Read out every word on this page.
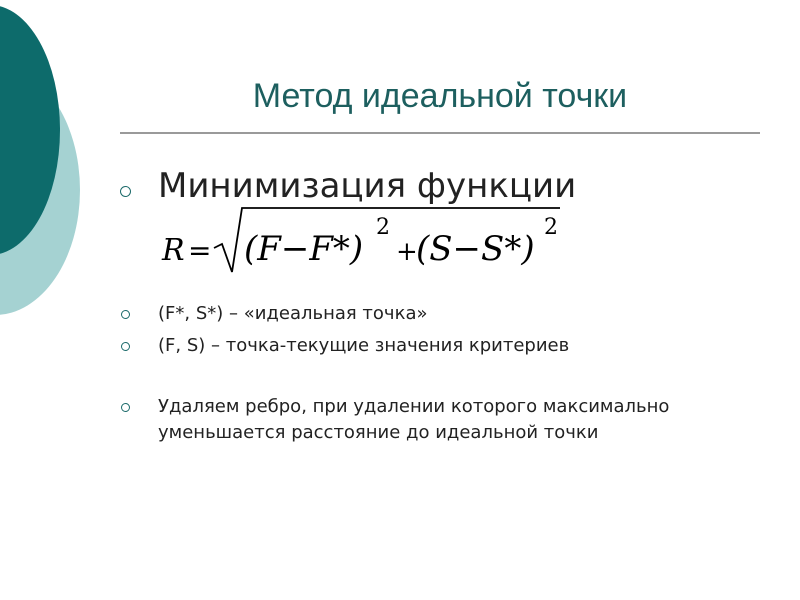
Метод идеальной точки
Минимизация функции
(F*, S*) – «идеальная точка»
(F, S) – точка-текущие значения критериев
Удаляем ребро, при удалении которого максимально уменьшается расстояние до идеальной точки
R = (F−F*)
2
+
(S−S*)
2
